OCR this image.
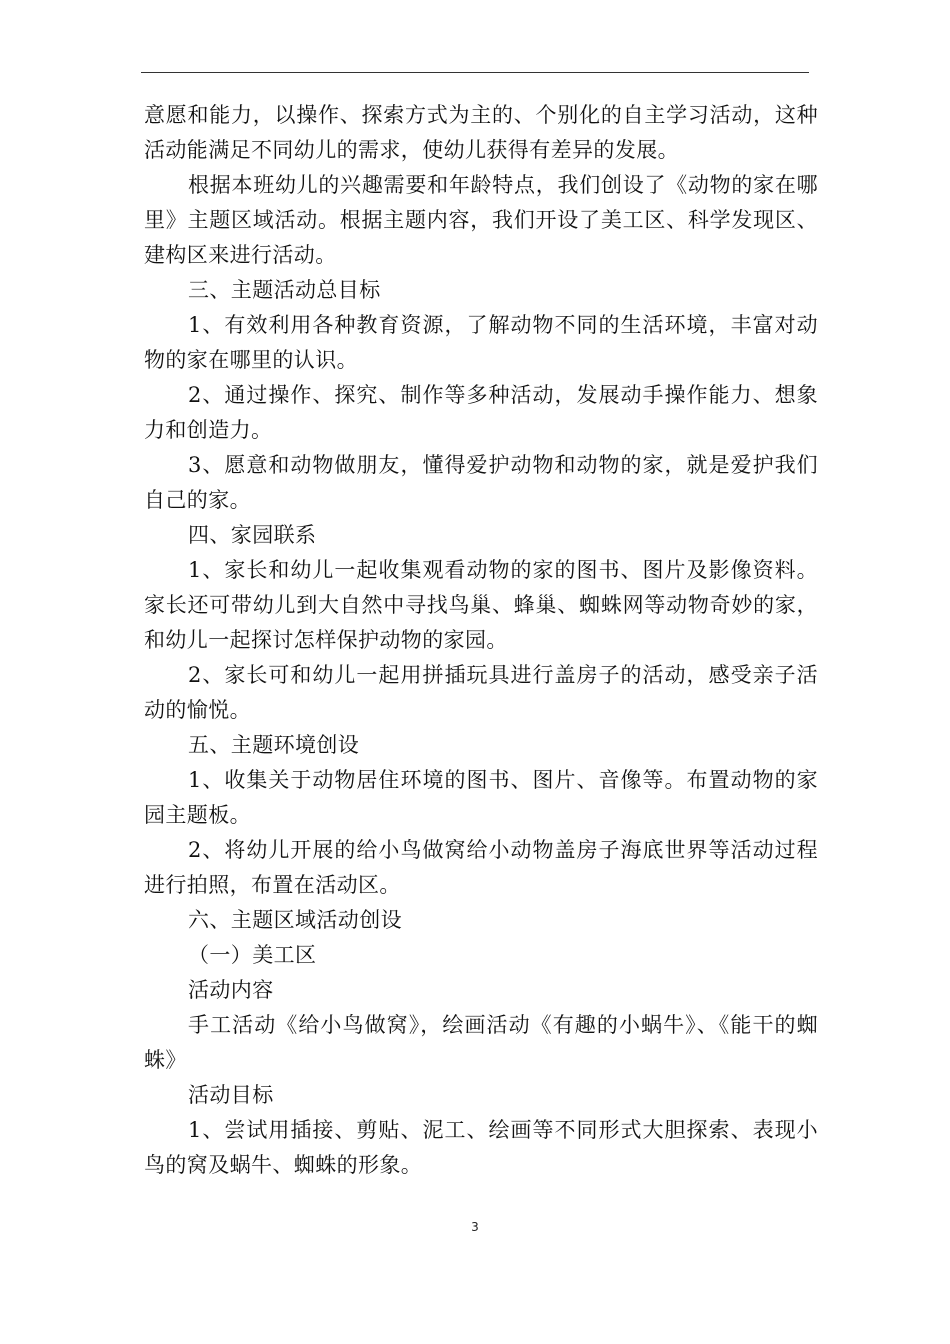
意愿和能力，以操作、探索方式为主的、个别化的自主学习活动，这种活动能满足不同幼儿的需求，使幼儿获得有差异的发展。

根据本班幼儿的兴趣需要和年龄特点，我们创设了《动物的家在哪里》主题区域活动。根据主题内容，我们开设了美工区、科学发现区、建构区来进行活动。

三、主题活动总目标

1、有效利用各种教育资源，了解动物不同的生活环境，丰富对动物的家在哪里的认识。

2、通过操作、探究、制作等多种活动，发展动手操作能力、想象力和创造力。

3、愿意和动物做朋友，懂得爱护动物和动物的家，就是爱护我们自己的家。

四、家园联系

1、家长和幼儿一起收集观看动物的家的图书、图片及影像资料。家长还可带幼儿到大自然中寻找鸟巢、蜂巢、蜘蛛网等动物奇妙的家，和幼儿一起探讨怎样保护动物的家园。

2、家长可和幼儿一起用拼插玩具进行盖房子的活动，感受亲子活动的愉悦。

五、主题环境创设

1、收集关于动物居住环境的图书、图片、音像等。布置动物的家园主题板。

2、将幼儿开展的给小鸟做窝给小动物盖房子海底世界等活动过程进行拍照，布置在活动区。

六、主题区域活动创设

（一）美工区

活动内容

手工活动《给小鸟做窝》，绘画活动《有趣的小蜗牛》、《能干的蜘蛛》

活动目标

1、尝试用插接、剪贴、泥工、绘画等不同形式大胆探索、表现小鸟的窝及蜗牛、蜘蛛的形象。

3
